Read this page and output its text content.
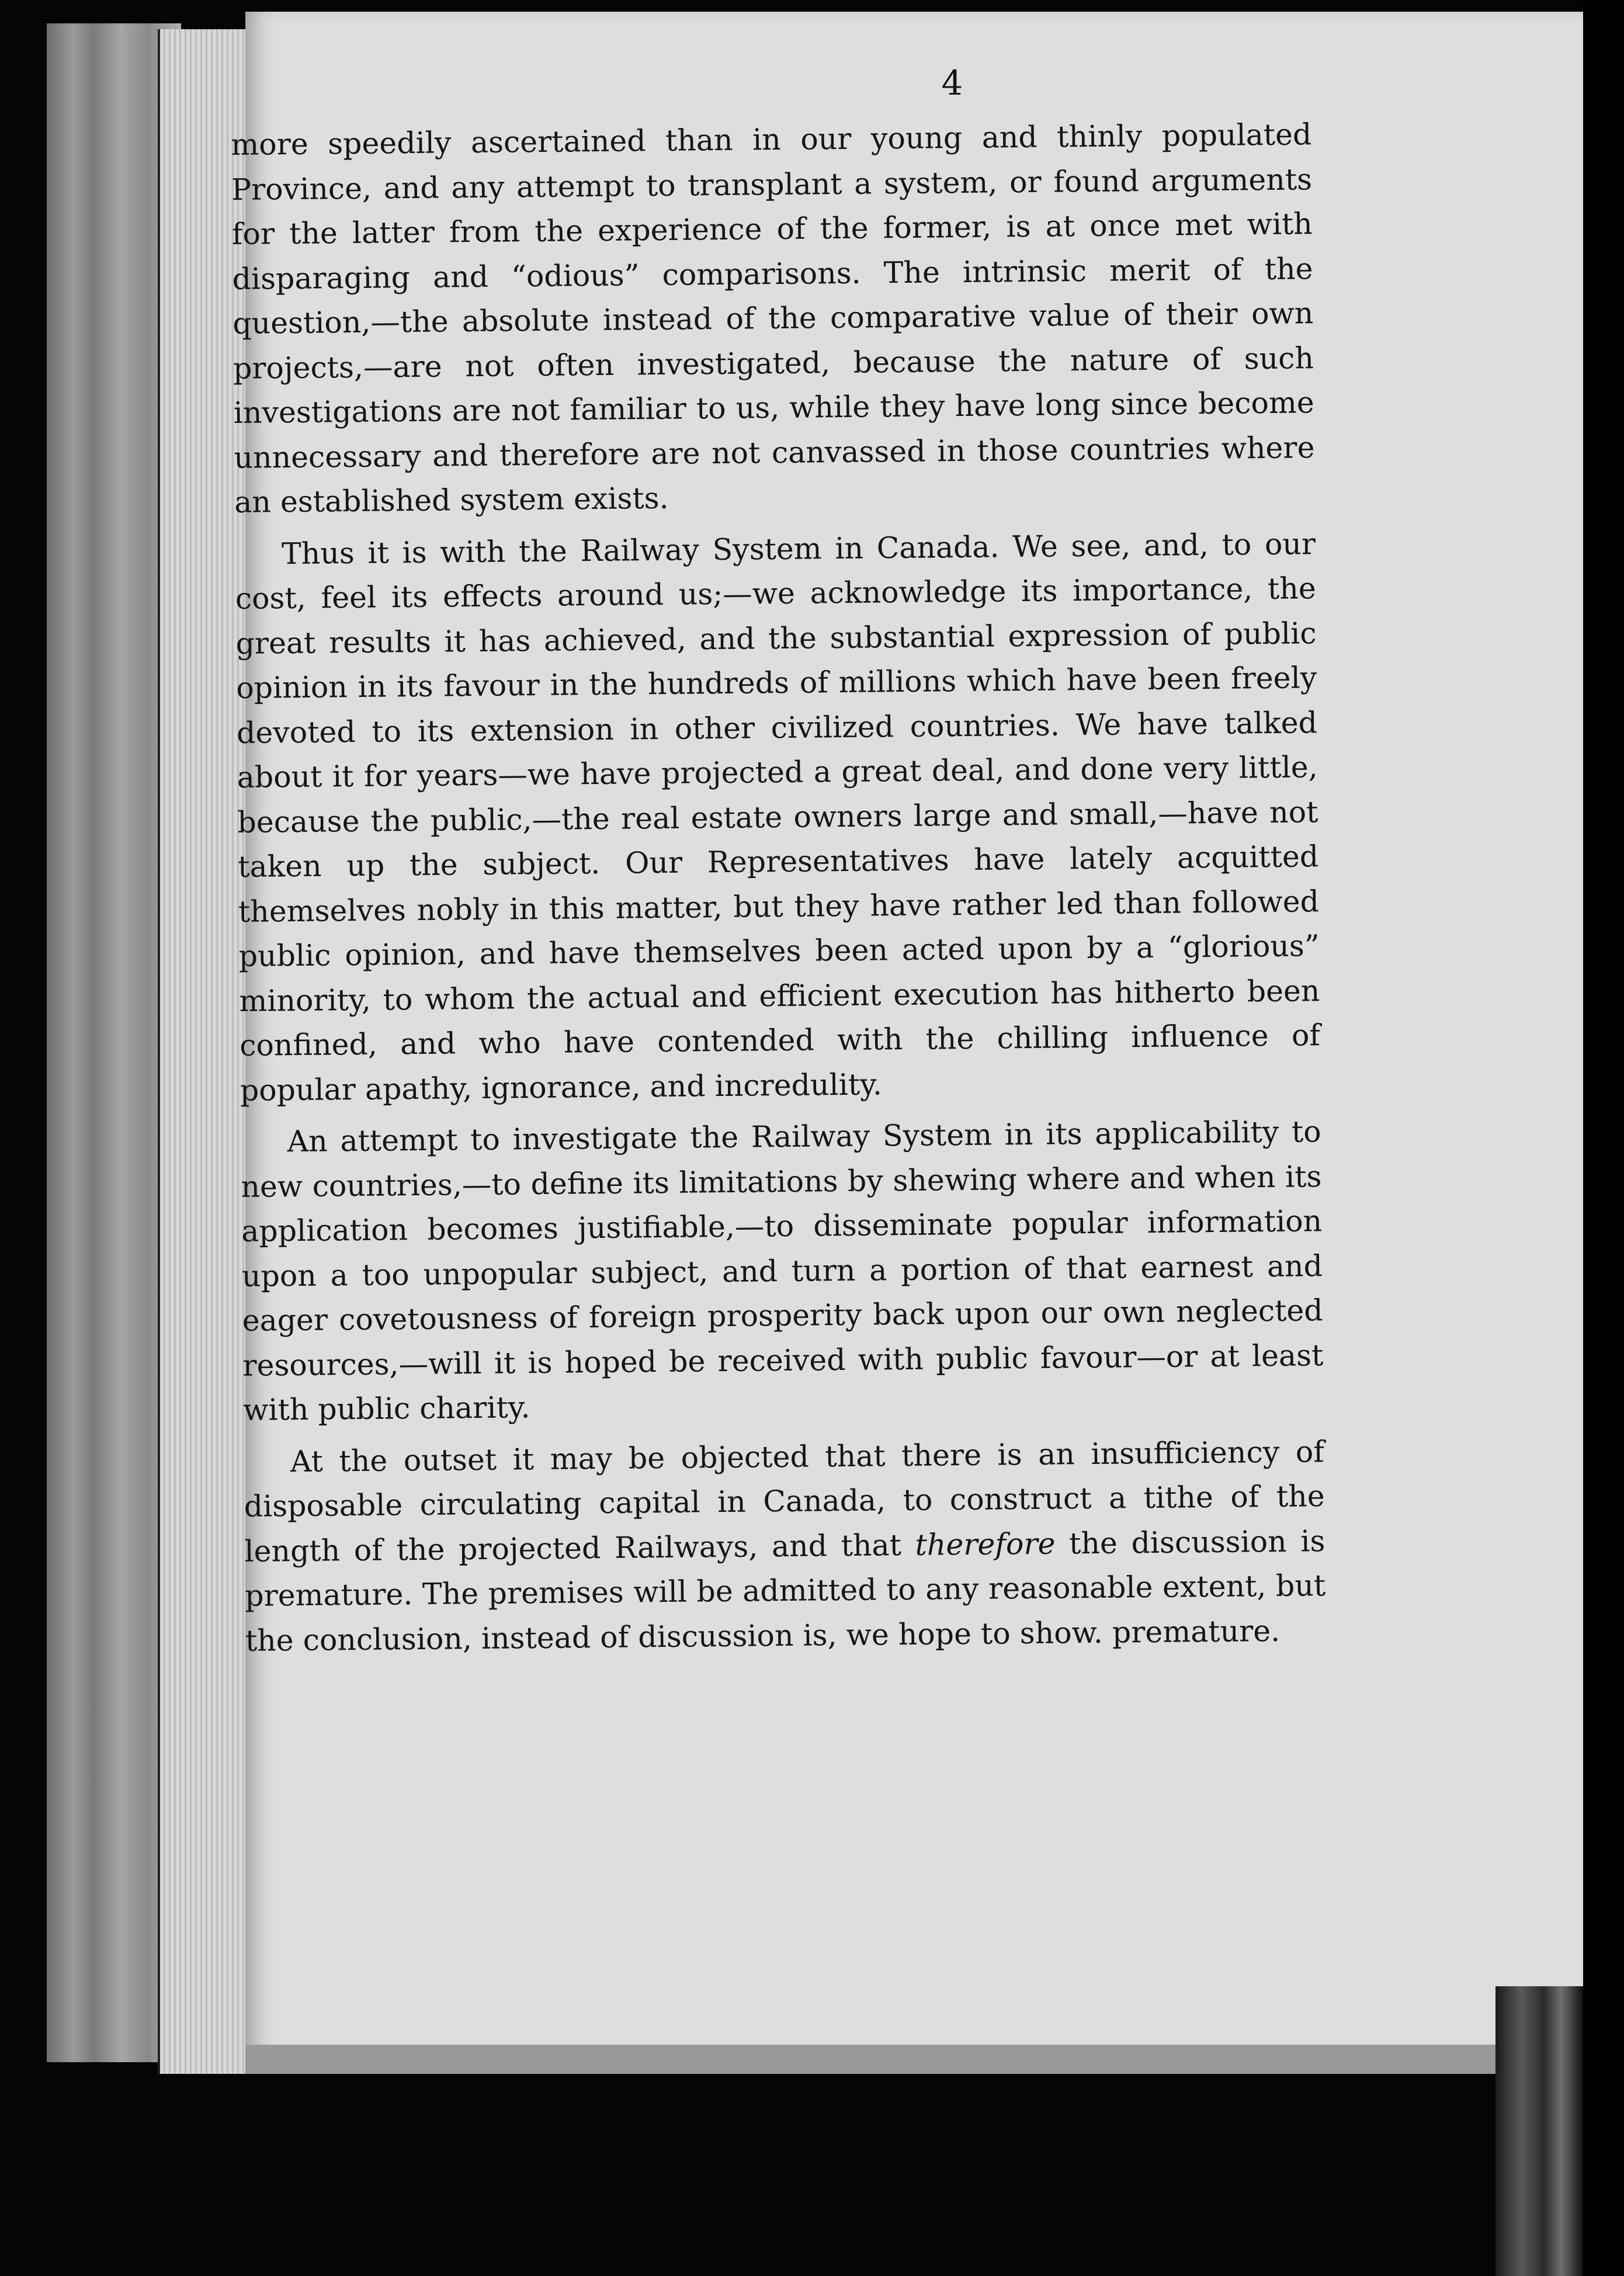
4

more speedily ascertained than in our young and thinly populated Province, and any attempt to transplant a system, or found arguments for the latter from the experience of the former, is at once met with disparaging and “odious” comparisons. The intrinsic merit of the question,—the absolute instead of the comparative value of their own projects,—are not often investigated, because the nature of such investigations are not familiar to us, while they have long since become unnecessary and therefore are not canvassed in those countries where an established system exists.

Thus it is with the Railway System in Canada. We see, and, to our cost, feel its effects around us;—we acknowledge its importance, the great results it has achieved, and the substantial expression of public opinion in its favour in the hundreds of millions which have been freely devoted to its extension in other civilized countries. We have talked about it for years—we have projected a great deal, and done very little, because the public,—the real estate owners large and small,—have not taken up the subject. Our Representatives have lately acquitted themselves nobly in this matter, but they have rather led than followed public opinion, and have themselves been acted upon by a “glorious” minority, to whom the actual and efficient execution has hitherto been confined, and who have contended with the chilling influence of popular apathy, ignorance, and incredulity.

An attempt to investigate the Railway System in its applicability to new countries,—to define its limitations by shewing where and when its application becomes justifiable,—to disseminate popular information upon a too unpopular subject, and turn a portion of that earnest and eager covetousness of foreign prosperity back upon our own neglected resources,—will it is hoped be received with public favour—or at least with public charity.

At the outset it may be objected that there is an insufficiency of disposable circulating capital in Canada, to construct a tithe of the length of the projected Railways, and that therefore the discussion is premature. The premises will be admitted to any reasonable extent, but the conclusion, instead of discussion is, we hope to show. premature.
